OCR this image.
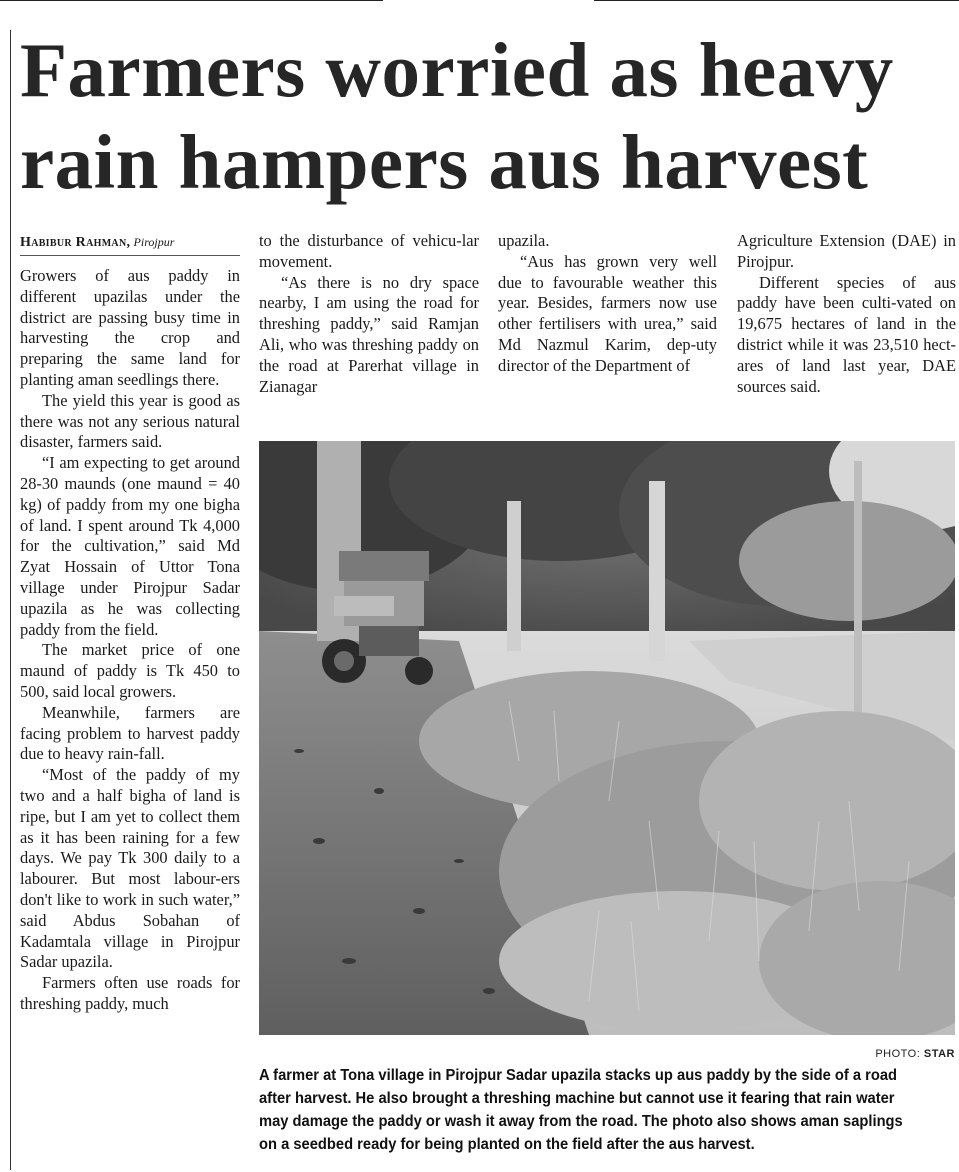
Farmers worried as heavy rain hampers aus harvest
Habibur Rahman, Pirojpur

Growers of aus paddy in different upazilas under the district are passing busy time in harvesting the crop and preparing the same land for planting aman seedlings there.

The yield this year is good as there was not any serious natural disaster, farmers said.

“I am expecting to get around 28-30 maunds (one maund = 40 kg) of paddy from my one bigha of land. I spent around Tk 4,000 for the cultivation,” said Md Zyat Hossain of Uttor Tona village under Pirojpur Sadar upazila as he was collecting paddy from the field.

The market price of one maund of paddy is Tk 450 to 500, said local growers.

Meanwhile, farmers are facing problem to harvest paddy due to heavy rain-fall.

“Most of the paddy of my two and a half bigha of land is ripe, but I am yet to collect them as it has been raining for a few days. We pay Tk 300 daily to a labourer. But most labour-ers don't like to work in such water,” said Abdus Sobahan of Kadamtala village in Pirojpur Sadar upazila.

Farmers often use roads for threshing paddy, much

to the disturbance of vehicu-lar movement.

“As there is no dry space nearby, I am using the road for threshing paddy,” said Ramjan Ali, who was threshing paddy on the road at Parerhat village in Zianagar

upazila.

“Aus has grown very well due to favourable weather this year. Besides, farmers now use other fertilisers with urea,” said Md Nazmul Karim, dep-uty director of the Department of

Agriculture Extension (DAE) in Pirojpur.

Different species of aus paddy have been culti-vated on 19,675 hectares of land in the district while it was 23,510 hect-ares of land last year, DAE sources said.

PHOTO: STAR

A farmer at Tona village in Pirojpur Sadar upazila stacks up aus paddy by the side of a road after harvest. He also brought a threshing machine but cannot use it fearing that rain water may damage the paddy or wash it away from the road. The photo also shows aman saplings on a seedbed ready for being planted on the field after the aus harvest.
